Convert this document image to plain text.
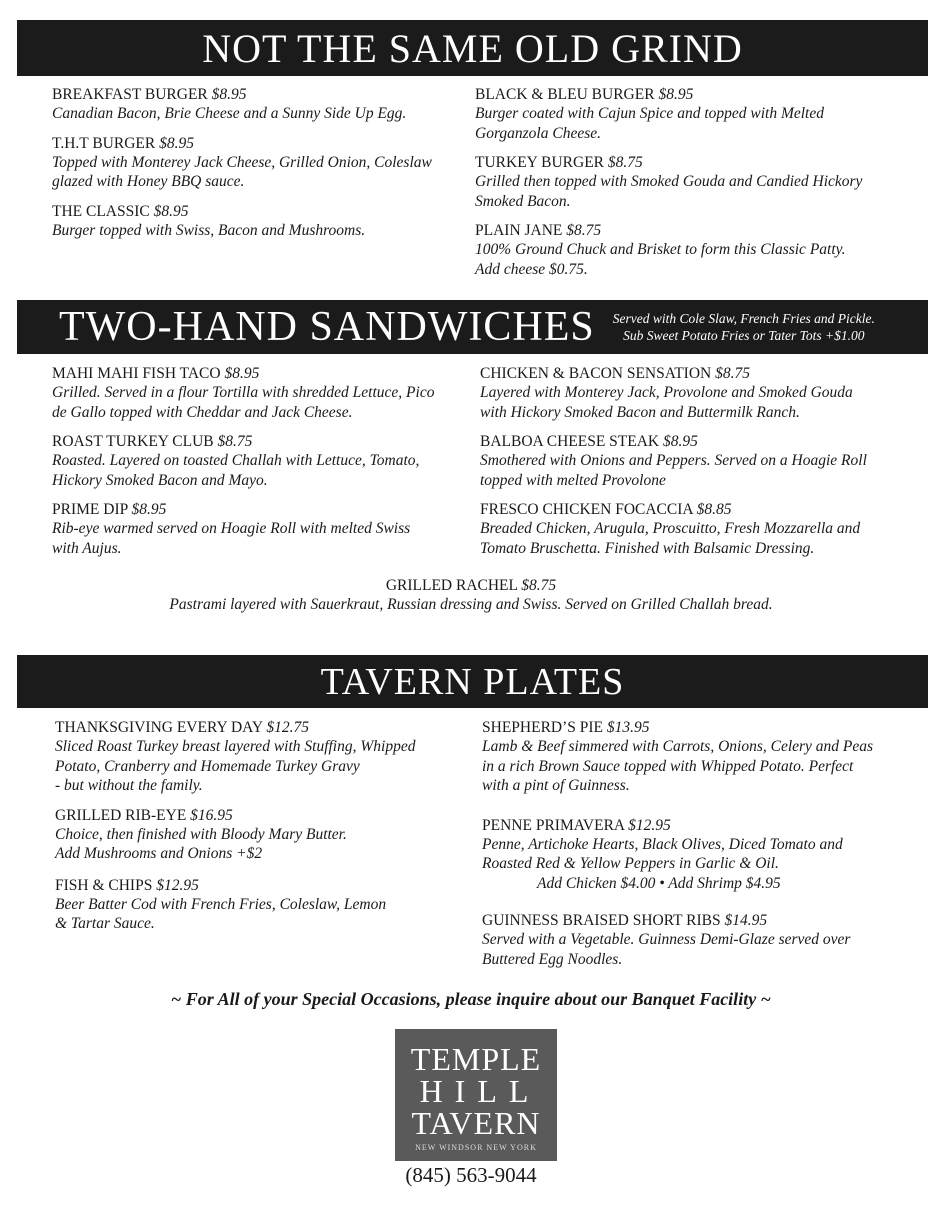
NOT THE SAME OLD GRIND
BREAKFAST BURGER $8.95
Canadian Bacon, Brie Cheese and a Sunny Side Up Egg.
T.H.T BURGER $8.95
Topped with Monterey Jack Cheese, Grilled Onion, Coleslaw
glazed with Honey BBQ sauce.
THE CLASSIC $8.95
Burger topped with Swiss, Bacon and Mushrooms.
BLACK & BLEU BURGER $8.95
Burger coated with Cajun Spice and topped with Melted
Gorganzola Cheese.
TURKEY BURGER $8.75
Grilled then topped with Smoked Gouda and Candied Hickory
Smoked Bacon.
PLAIN JANE $8.75
100% Ground Chuck and Brisket to form this Classic Patty.
Add cheese $0.75.
TWO-HAND SANDWICHES Served with Cole Slaw, French Fries and Pickle.
Sub Sweet Potato Fries or Tater Tots +$1.00
MAHI MAHI FISH TACO $8.95
Grilled. Served in a flour Tortilla with shredded Lettuce, Pico
de Gallo topped with Cheddar and Jack Cheese.
ROAST TURKEY CLUB $8.75
Roasted. Layered on toasted Challah with Lettuce, Tomato,
Hickory Smoked Bacon and Mayo.
PRIME DIP $8.95
Rib-eye warmed served on Hoagie Roll with melted Swiss
with Aujus.
CHICKEN & BACON SENSATION $8.75
Layered with Monterey Jack, Provolone and Smoked Gouda
with Hickory Smoked Bacon and Buttermilk Ranch.
BALBOA CHEESE STEAK $8.95
Smothered with Onions and Peppers. Served on a Hoagie Roll
topped with melted Provolone
FRESCO CHICKEN FOCACCIA $8.85
Breaded Chicken, Arugula, Proscuitto, Fresh Mozzarella and
Tomato Bruschetta. Finished with Balsamic Dressing.
GRILLED RACHEL $8.75
Pastrami layered with Sauerkraut, Russian dressing and Swiss. Served on Grilled Challah bread.
TAVERN PLATES
THANKSGIVING EVERY DAY $12.75
Sliced Roast Turkey breast layered with Stuffing, Whipped
Potato, Cranberry and Homemade Turkey Gravy
- but without the family.
GRILLED RIB-EYE $16.95
Choice, then finished with Bloody Mary Butter.
Add Mushrooms and Onions +$2
FISH & CHIPS $12.95
Beer Batter Cod with French Fries, Coleslaw, Lemon
& Tartar Sauce.
SHEPHERD’S PIE $13.95
Lamb & Beef simmered with Carrots, Onions, Celery and Peas
in a rich Brown Sauce topped with Whipped Potato. Perfect
with a pint of Guinness.
PENNE PRIMAVERA $12.95
Penne, Artichoke Hearts, Black Olives, Diced Tomato and
Roasted Red & Yellow Peppers in Garlic & Oil.
Add Chicken $4.00 • Add Shrimp $4.95
GUINNESS BRAISED SHORT RIBS $14.95
Served with a Vegetable. Guinness Demi-Glaze served over
Buttered Egg Noodles.
~ For All of your Special Occasions, please inquire about our Banquet Facility ~
TEMPLE
HILL
TAVERN
NEW WINDSOR NEW YORK
(845) 563-9044
